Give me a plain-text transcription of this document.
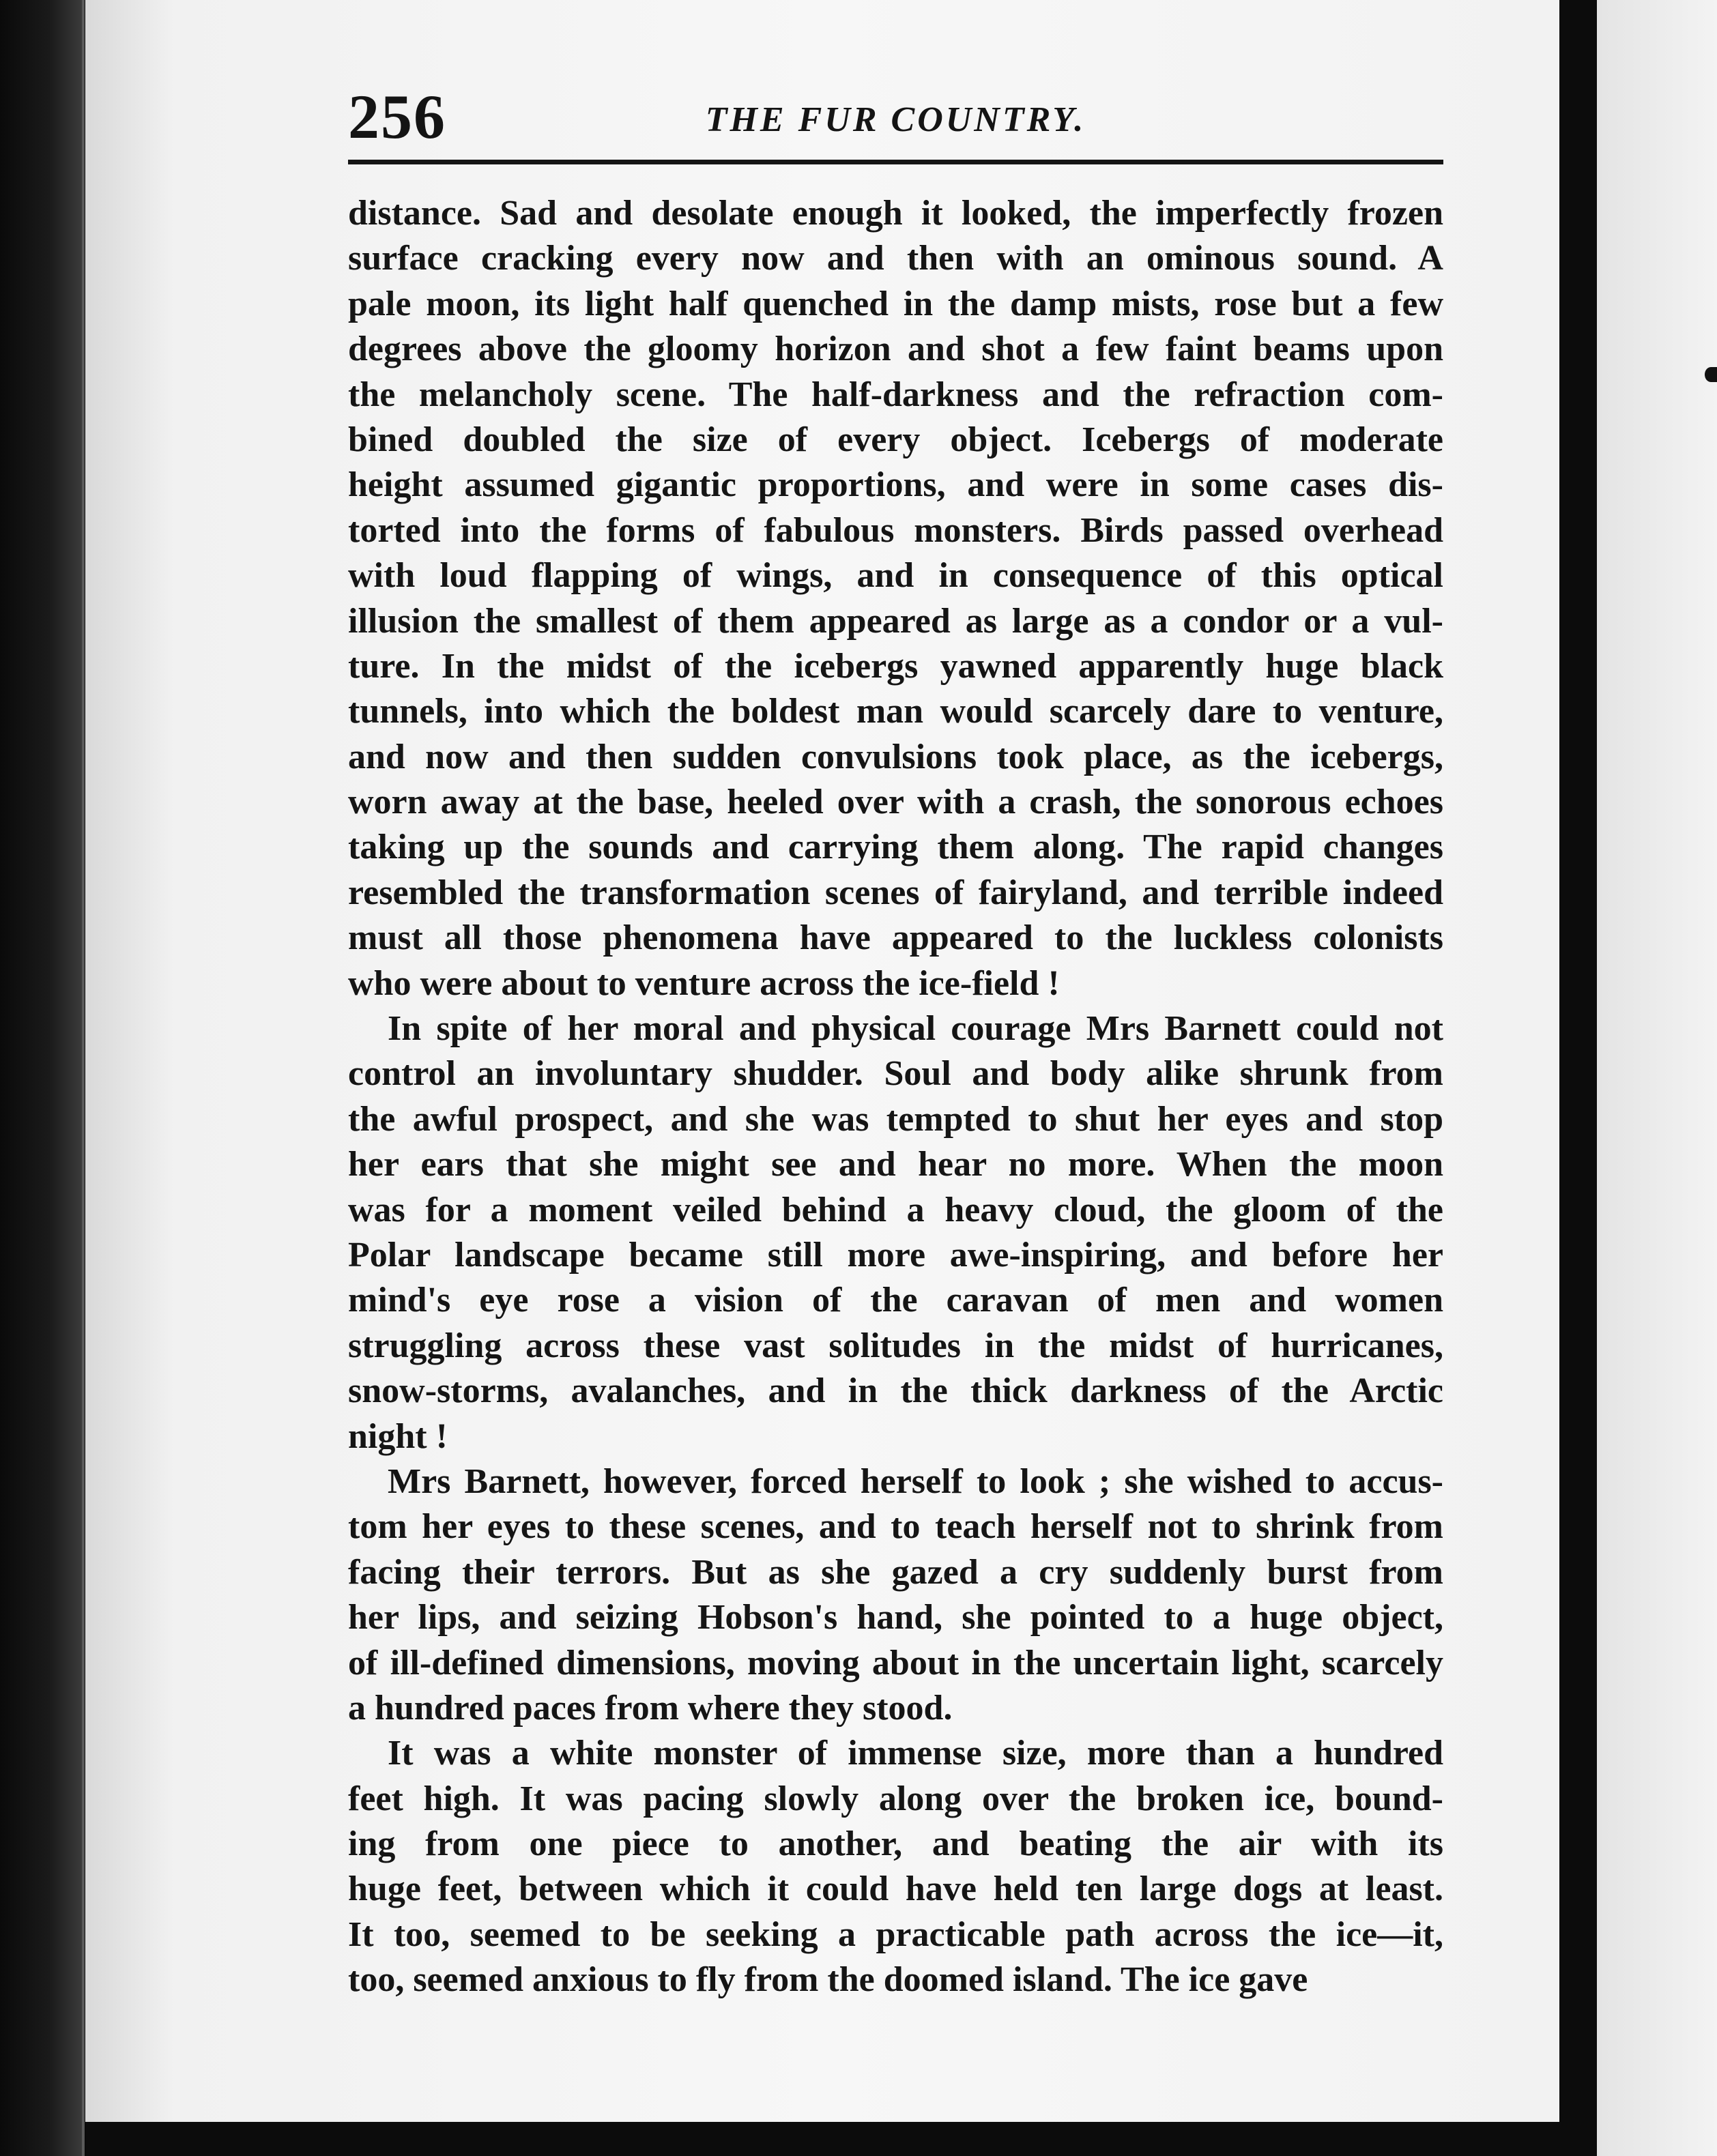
256	THE FUR COUNTRY.
distance. Sad and desolate enough it looked, the imperfectly frozen
surface cracking every now and then with an ominous sound. A
pale moon, its light half quenched in the damp mists, rose but a few
degrees above the gloomy horizon and shot a few faint beams upon
the melancholy scene. The half-darkness and the refraction com-
bined doubled the size of every object. Icebergs of moderate
height assumed gigantic proportions, and were in some cases dis-
torted into the forms of fabulous monsters. Birds passed overhead
with loud flapping of wings, and in consequence of this optical
illusion the smallest of them appeared as large as a condor or a vul-
ture. In the midst of the icebergs yawned apparently huge black
tunnels, into which the boldest man would scarcely dare to venture,
and now and then sudden convulsions took place, as the icebergs,
worn away at the base, heeled over with a crash, the sonorous echoes
taking up the sounds and carrying them along. The rapid changes
resembled the transformation scenes of fairyland, and terrible indeed
must all those phenomena have appeared to the luckless colonists
who were about to venture across the ice-field !
In spite of her moral and physical courage Mrs Barnett could not
control an involuntary shudder. Soul and body alike shrunk from
the awful prospect, and she was tempted to shut her eyes and stop
her ears that she might see and hear no more. When the moon
was for a moment veiled behind a heavy cloud, the gloom of the
Polar landscape became still more awe-inspiring, and before her
mind's eye rose a vision of the caravan of men and women
struggling across these vast solitudes in the midst of hurricanes,
snow-storms, avalanches, and in the thick darkness of the Arctic
night !
Mrs Barnett, however, forced herself to look ; she wished to accus-
tom her eyes to these scenes, and to teach herself not to shrink from
facing their terrors. But as she gazed a cry suddenly burst from
her lips, and seizing Hobson's hand, she pointed to a huge object,
of ill-defined dimensions, moving about in the uncertain light, scarcely
a hundred paces from where they stood.
It was a white monster of immense size, more than a hundred
feet high. It was pacing slowly along over the broken ice, bound-
ing from one piece to another, and beating the air with its
huge feet, between which it could have held ten large dogs at least.
It too, seemed to be seeking a practicable path across the ice—it,
too, seemed anxious to fly from the doomed island. The ice gave
